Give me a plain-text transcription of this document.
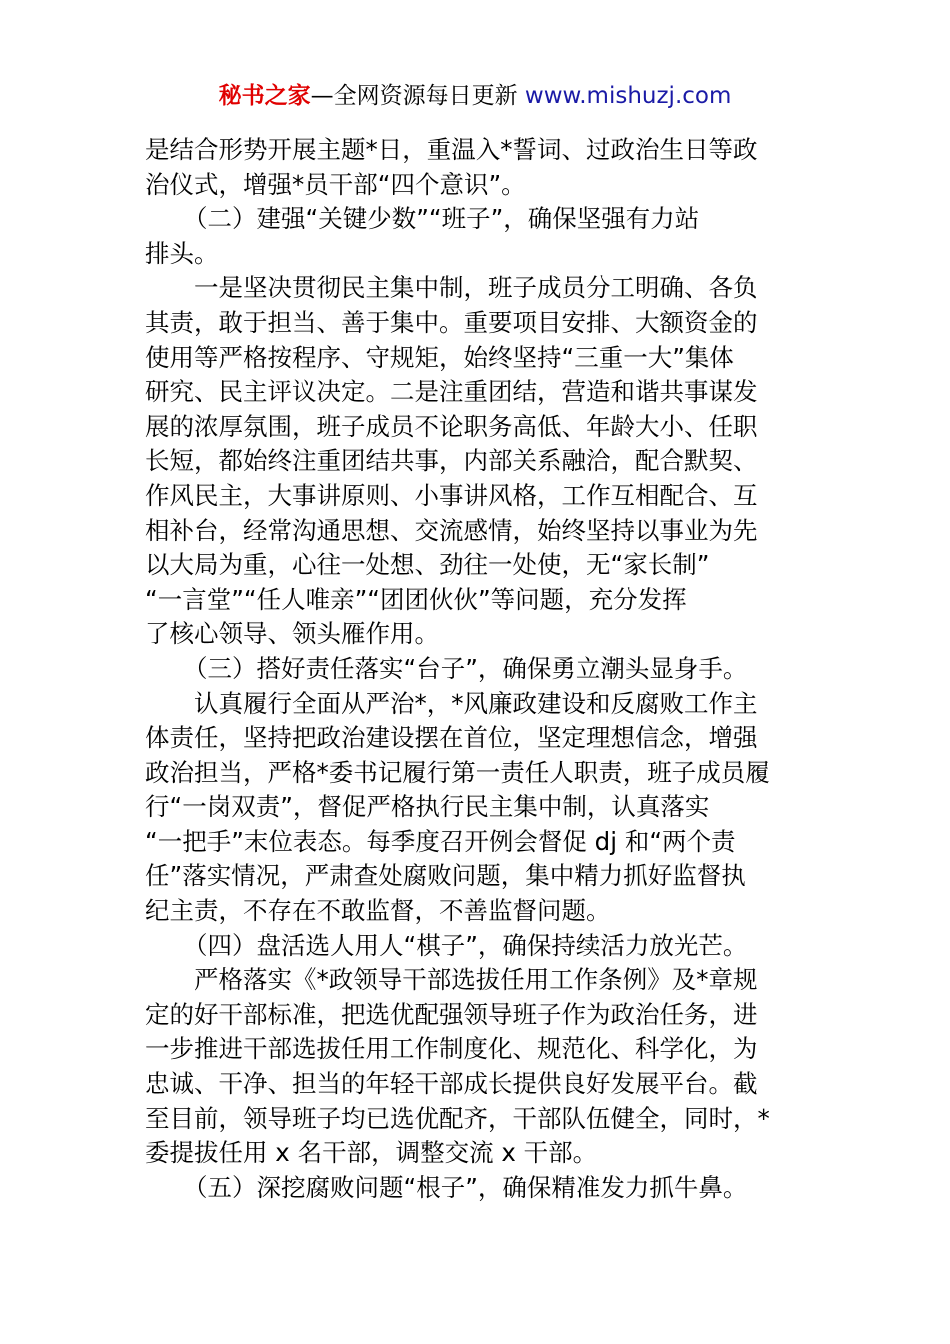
秘书之家—全网资源每日更新 www.mishuzj.com
是结合形势开展主题*日，重温入*誓词、过政治生日等政
治仪式，增强*员干部“四个意识”。
（二）建强“关键少数”“班子”，确保坚强有力站
排头。
一是坚决贯彻民主集中制，班子成员分工明确、各负
其责，敢于担当、善于集中。重要项目安排、大额资金的
使用等严格按程序、守规矩，始终坚持“三重一大”集体
研究、民主评议决定。二是注重团结，营造和谐共事谋发
展的浓厚氛围，班子成员不论职务高低、年龄大小、任职
长短，都始终注重团结共事，内部关系融洽，配合默契、
作风民主，大事讲原则、小事讲风格，工作互相配合、互
相补台，经常沟通思想、交流感情，始终坚持以事业为先
以大局为重，心往一处想、劲往一处使，无“家长制”
“一言堂”“任人唯亲”“团团伙伙”等问题，充分发挥
了核心领导、领头雁作用。
（三）搭好责任落实“台子”，确保勇立潮头显身手。
认真履行全面从严治*，*风廉政建设和反腐败工作主
体责任，坚持把政治建设摆在首位，坚定理想信念，增强
政治担当，严格*委书记履行第一责任人职责，班子成员履
行“一岗双责”，督促严格执行民主集中制，认真落实
“一把手”末位表态。每季度召开例会督促 dj 和“两个责
任”落实情况，严肃查处腐败问题，集中精力抓好监督执
纪主责，不存在不敢监督，不善监督问题。
（四）盘活选人用人“棋子”，确保持续活力放光芒。
严格落实《*政领导干部选拔任用工作条例》及*章规
定的好干部标准，把选优配强领导班子作为政治任务，进
一步推进干部选拔任用工作制度化、规范化、科学化，为
忠诚、干净、担当的年轻干部成长提供良好发展平台。截
至目前，领导班子均已选优配齐，干部队伍健全，同时，*
委提拔任用 x 名干部，调整交流 x 干部。
（五）深挖腐败问题“根子”，确保精准发力抓牛鼻。
